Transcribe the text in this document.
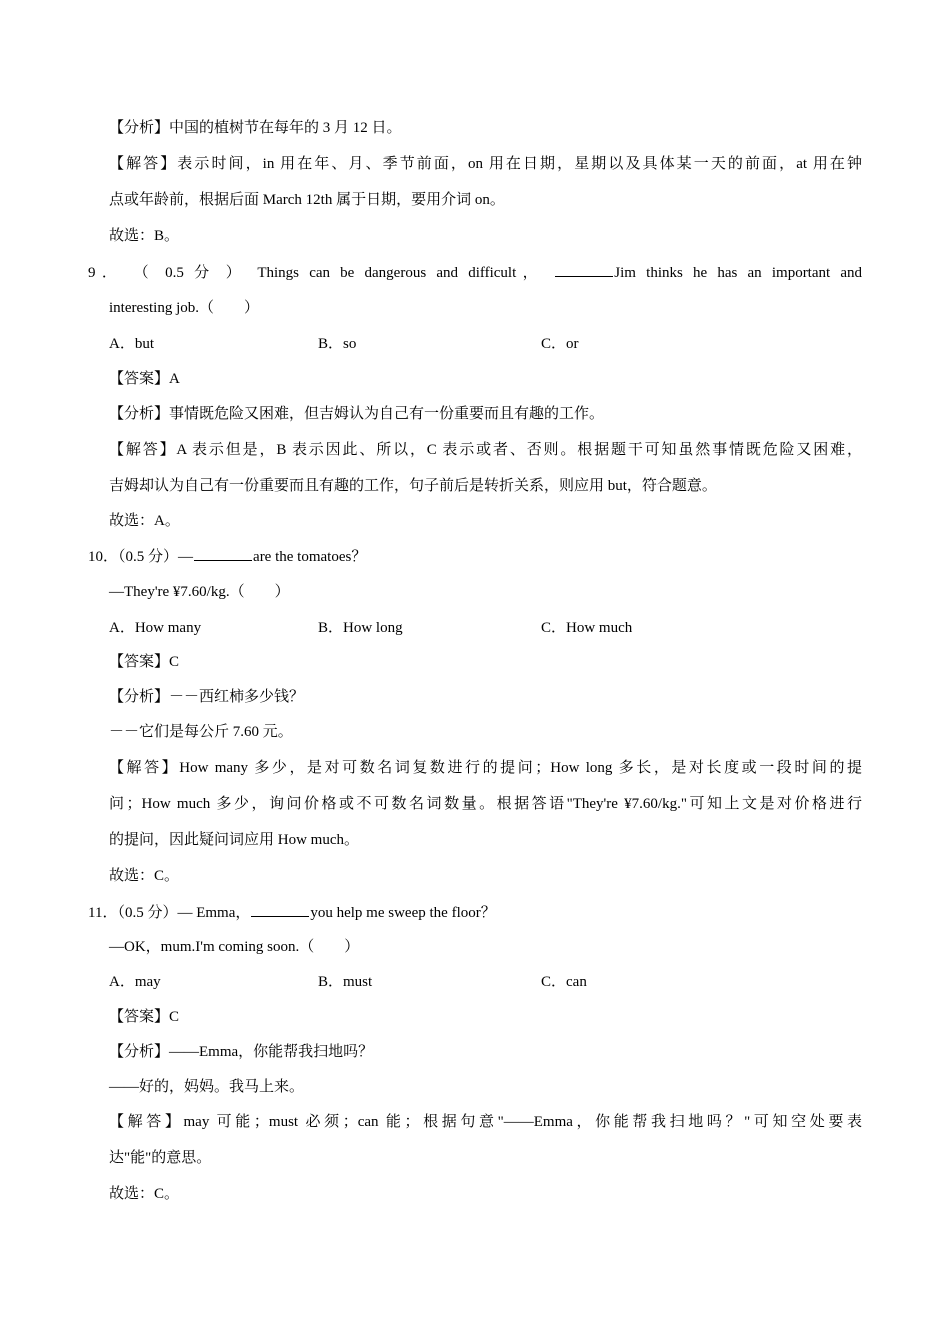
【分析】中国的植树节在每年的 3 月 12 日。
【解答】表示时间，in 用在年、月、季节前面，on 用在日期，星期以及具体某一天的前面，at 用在钟
点或年龄前，根据后面 March 12th 属于日期，要用介词 on。
故选：B。
9． （ 0.5 分 ） Things can be dangerous and difficult，	Jim thinks he has an important and
interesting job.（　　）
A．but	B．so	C．or
【答案】A
【分析】事情既危险又困难，但吉姆认为自己有一份重要而且有趣的工作。
【解答】A 表示但是，B 表示因此、所以，C 表示或者、否则。根据题干可知虽然事情既危险又困难，
吉姆却认为自己有一份重要而且有趣的工作，句子前后是转折关系，则应用 but，符合题意。
故选：A。
10．（0.5 分）—	are the tomatoes？
—They're ¥7.60/kg.（　　）
A．How many	B．How long	C．How much
【答案】C
【分析】－－西红柿多少钱？
－－它们是每公斤 7.60 元。
【解答】How many 多少，是对可数名词复数进行的提问；How long 多长，是对长度或一段时间的提
问；How much 多少，询问价格或不可数名词数量。根据答语"They're ¥7.60/kg."可知上文是对价格进行
的提问，因此疑问词应用 How much。
故选：C。
11．（0.5 分）— Emma，	you help me sweep the floor？
—OK，mum.I'm coming soon.（　　）
A．may	B．must	C．can
【答案】C
【分析】——Emma，你能帮我扫地吗？
——好的，妈妈。我马上来。
【解答】may 可能；must 必须；can 能；根据句意"——Emma，你能帮我扫地吗？"可知空处要表
达"能"的意思。
故选：C。
